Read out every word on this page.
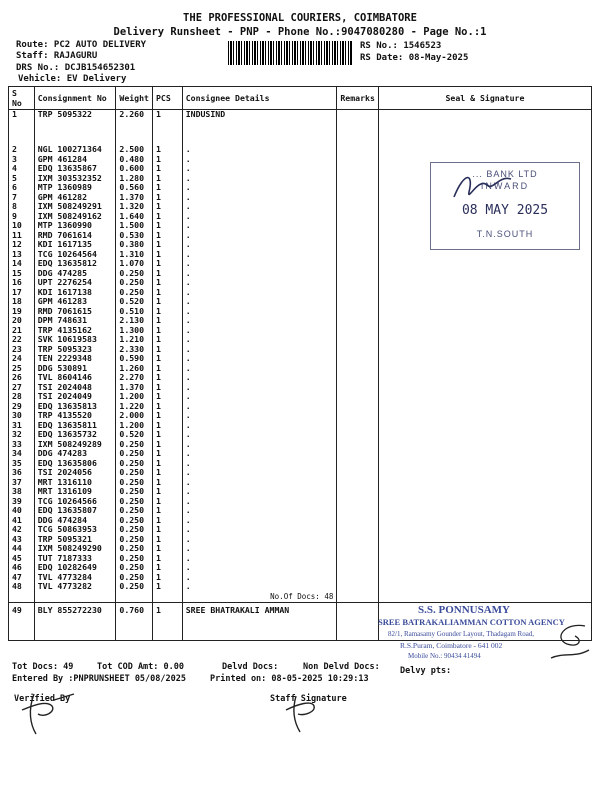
THE PROFESSIONAL COURIERS, COIMBATORE
Delivery Runsheet - PNP - Phone No.:9047080280 - Page No.:1
Route: PC2 AUTO DELIVERY
Staff: RAJAGURU
DRS No.: DCJB154652301
Vehicle: EV Delivery
RS No.: 1546523
RS Date: 08-May-2025
S No	Consignment No	Weight	PCS	Consignee Details	Remarks	Seal & Signature
1	TRP 5095322	2.260	1	INDUSIND		

2	NGL 100271364	2.500	1	.		
3	GPM 461284	0.480	1	.		
4	EDQ 13635867	0.600	1	.		
5	IXM 303532352	1.280	1	.		
6	MTP 1360989	0.560	1	.		
7	GPM 461282	1.370	1	.		
8	IXM 508249291	1.320	1	.		
9	IXM 508249162	1.640	1	.		
10	MTP 1360990	1.500	1	.		
11	RMD 7061614	0.530	1	.		
12	KDI 1617135	0.380	1	.		
13	TCG 10264564	1.310	1	.		
14	EDQ 13635812	1.070	1	.		
15	DDG 474285	0.250	1	.		
16	UPT 2276254	0.250	1	.		
17	KDI 1617138	0.250	1	.		
18	GPM 461283	0.520	1	.		
19	RMD 7061615	0.510	1	.		
20	DPM 748631	2.130	1	.		
21	TRP 4135162	1.300	1	.		
22	SVK 10619583	1.210	1	.		
23	TRP 5095323	2.330	1	.		
24	TEN 2229348	0.590	1	.		
25	DDG 530891	1.260	1	.		
26	TVL 8604146	2.270	1	.		
27	TSI 2024048	1.370	1	.		
28	TSI 2024049	1.200	1	.		
29	EDQ 13635813	1.220	1	.		
30	TRP 4135520	2.000	1	.		
31	EDQ 13635811	1.200	1	.		
32	EDQ 13635732	0.520	1	.		
33	IXM 508249289	0.250	1	.		
34	DDG 474283	0.250	1	.		
35	EDQ 13635806	0.250	1	.		
36	TSI 2024056	0.250	1	.		
37	MRT 1316110	0.250	1	.		
38	MRT 1316109	0.250	1	.		
39	TCG 10264566	0.250	1	.		
40	EDQ 13635807	0.250	1	.		
41	DDG 474284	0.250	1	.		
42	TCG 50863953	0.250	1	.		
43	TRP 5095321	0.250	1	.		
44	IXM 508249290	0.250	1	.		
45	TUT 7187333	0.250	1	.		
46	EDQ 10282649	0.250	1	.		
47	TVL 4773284	0.250	1	.		
48	TVL 4773282	0.250	1	.		
				No.Of Docs: 48		
49	BLY 855272230	0.760	1	SREE BHATRAKALI AMMAN		
... BANK LTD
INWARD
08 MAY 2025
T.N.SOUTH
S.S. PONNUSAMY
SREE BATRAKALIAMMAN COTTON AGENCY
82/1, Ramasamy Gounder Layout, Thadagam Road,
R.S.Puram, Coimbatore - 641 002
Mobile No.: 90434 41494
Tot Docs: 49	Tot COD Amt: 0.00	Delvd Docs:	Non Delvd Docs: Delvy pts:
Entered By :PNPRUNSHEET 05/08/2025	Printed on: 08-05-2025 10:29:13
Verified By	Staff Signature
